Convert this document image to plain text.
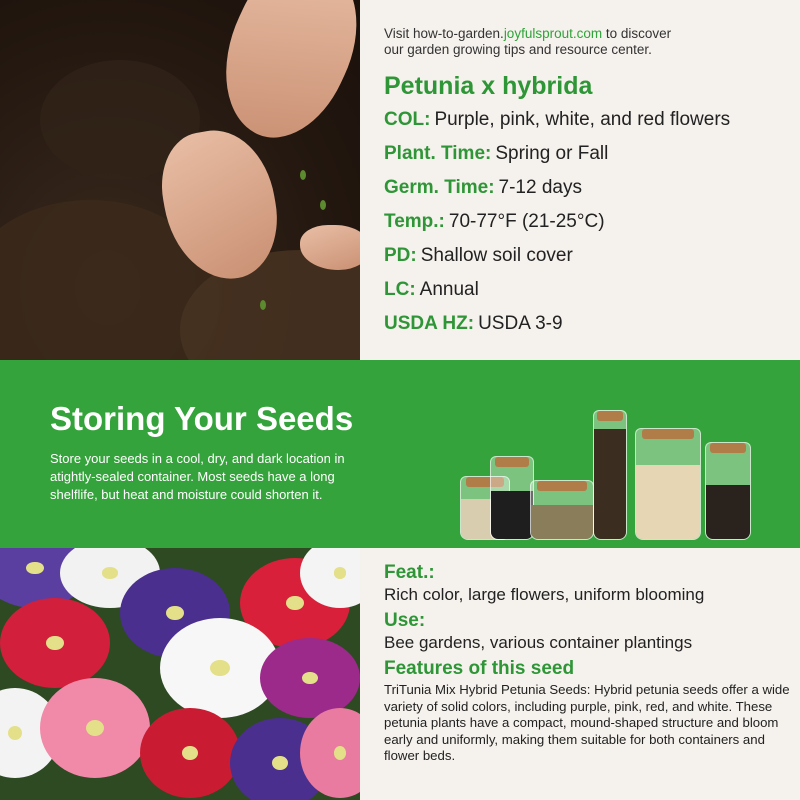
Visit how-to-garden.joyfulsprout.com to discover
our garden growing tips and resource center.
Petunia x hybrida
COL: Purple, pink, white, and red flowers
Plant. Time: Spring or Fall
Germ. Time: 7-12 days
Temp.: 70-77°F (21-25°C)
PD: Shallow soil cover
LC: Annual
USDA HZ: USDA 3-9
Storing Your Seeds
Store your seeds in a cool, dry, and dark location in atightly-sealed container. Most seeds have a long shelflife, but heat and moisture could shorten it.
Feat.:
Rich color, large flowers, uniform blooming
Use:
Bee gardens, various container plantings
Features of this seed
TriTunia Mix Hybrid Petunia Seeds: Hybrid petunia seeds offer a wide variety of solid colors, including purple, pink, red, and white. These petunia plants have a compact, mound-shaped structure and bloom early and uniformly, making them suitable for both containers and flower beds.
